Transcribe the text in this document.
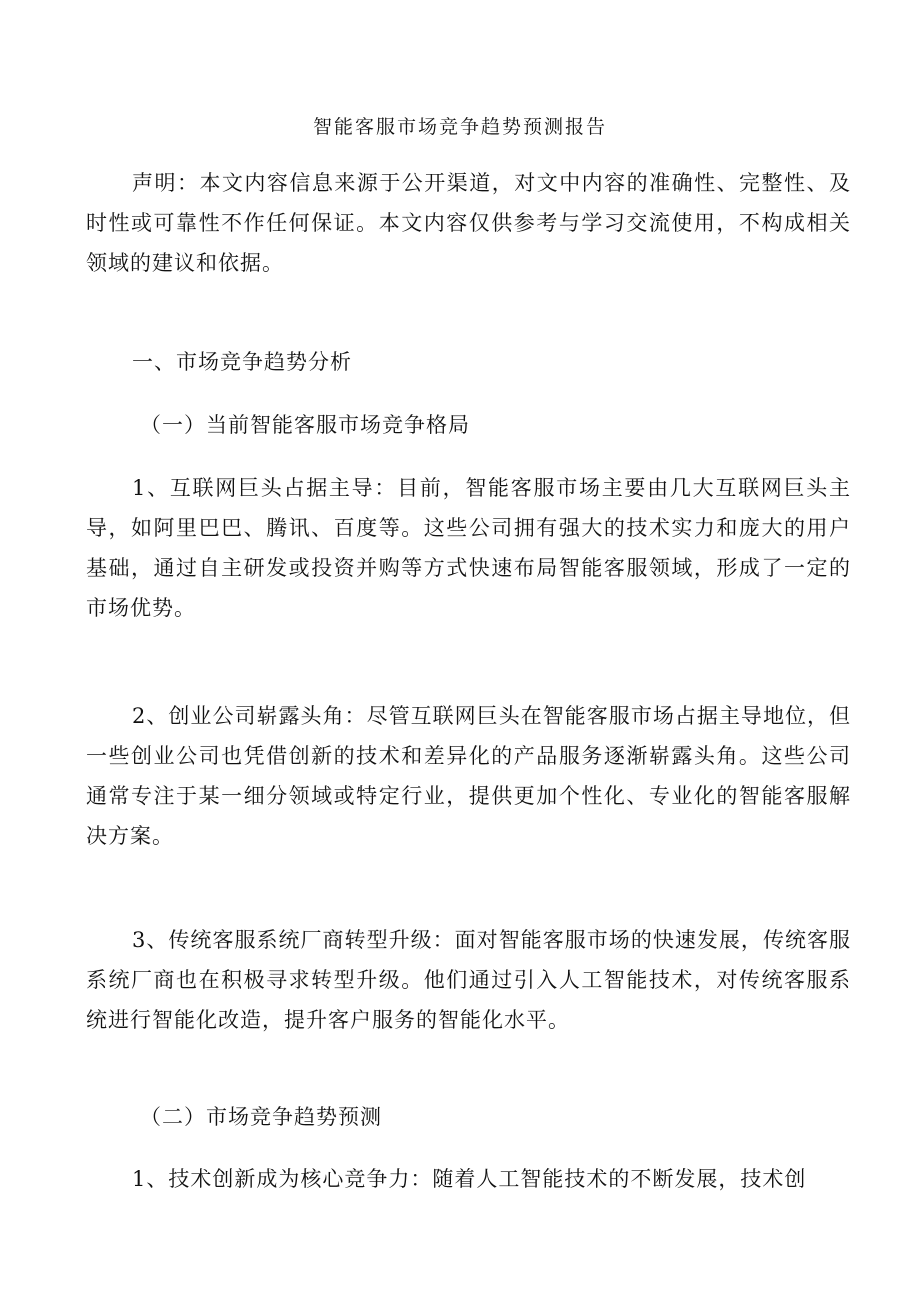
智能客服市场竞争趋势预测报告
声明：本文内容信息来源于公开渠道，对文中内容的准确性、完整性、及时性或可靠性不作任何保证。本文内容仅供参考与学习交流使用，不构成相关领域的建议和依据。
一、市场竞争趋势分析
（一）当前智能客服市场竞争格局
1、互联网巨头占据主导：目前，智能客服市场主要由几大互联网巨头主导，如阿里巴巴、腾讯、百度等。这些公司拥有强大的技术实力和庞大的用户基础，通过自主研发或投资并购等方式快速布局智能客服领域，形成了一定的市场优势。
2、创业公司崭露头角：尽管互联网巨头在智能客服市场占据主导地位，但一些创业公司也凭借创新的技术和差异化的产品服务逐渐崭露头角。这些公司通常专注于某一细分领域或特定行业，提供更加个性化、专业化的智能客服解决方案。
3、传统客服系统厂商转型升级：面对智能客服市场的快速发展，传统客服系统厂商也在积极寻求转型升级。他们通过引入人工智能技术，对传统客服系统进行智能化改造，提升客户服务的智能化水平。
（二）市场竞争趋势预测
1、技术创新成为核心竞争力：随着人工智能技术的不断发展，技术创
